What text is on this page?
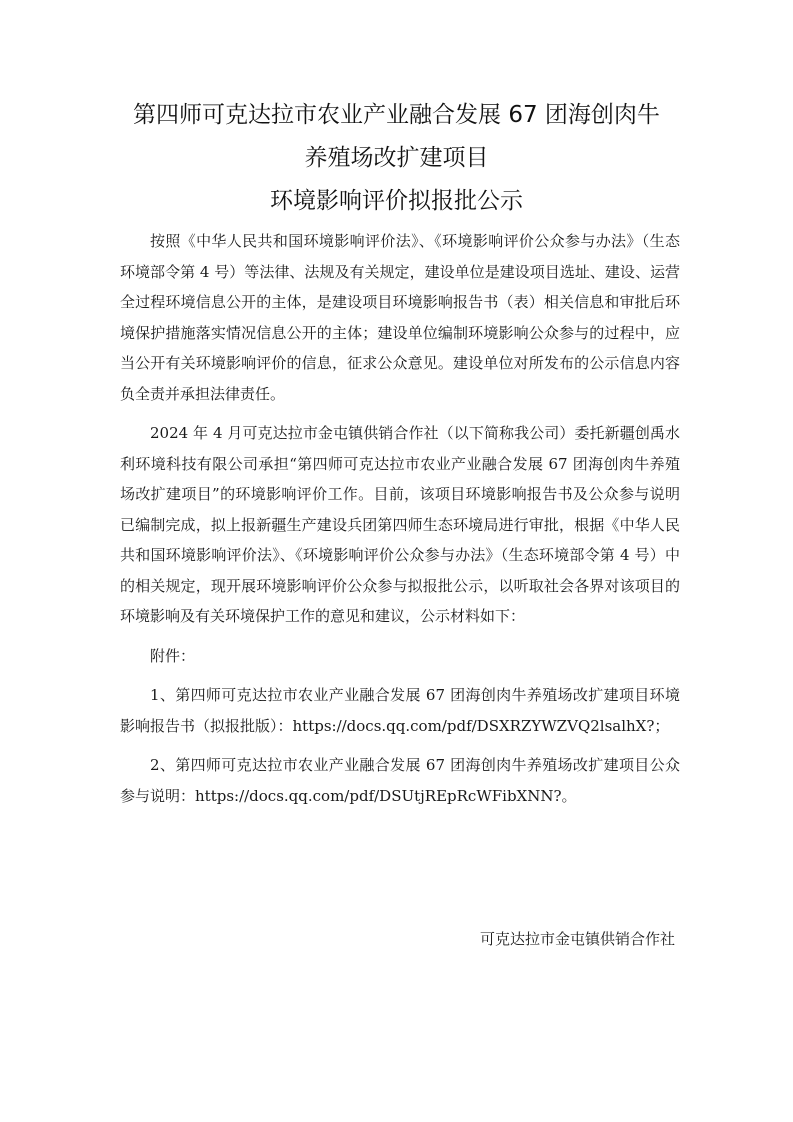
第四师可克达拉市农业产业融合发展 67 团海创肉牛
养殖场改扩建项目
环境影响评价拟报批公示

按照《中华人民共和国环境影响评价法》、《环境影响评价公众参与办法》（生态环境部令第 4 号）等法律、法规及有关规定，建设单位是建设项目选址、建设、运营全过程环境信息公开的主体，是建设项目环境影响报告书（表）相关信息和审批后环境保护措施落实情况信息公开的主体；建设单位编制环境影响公众参与的过程中，应当公开有关环境影响评价的信息，征求公众意见。建设单位对所发布的公示信息内容负全责并承担法律责任。

2024 年 4 月可克达拉市金屯镇供销合作社（以下简称我公司）委托新疆创禹水利环境科技有限公司承担“第四师可克达拉市农业产业融合发展 67 团海创肉牛养殖场改扩建项目”的环境影响评价工作。目前，该项目环境影响报告书及公众参与说明已编制完成，拟上报新疆生产建设兵团第四师生态环境局进行审批，根据《中华人民共和国环境影响评价法》、《环境影响评价公众参与办法》（生态环境部令第 4 号）中的相关规定，现开展环境影响评价公众参与拟报批公示，以听取社会各界对该项目的环境影响及有关环境保护工作的意见和建议，公示材料如下：

附件：

1、第四师可克达拉市农业产业融合发展 67 团海创肉牛养殖场改扩建项目环境影响报告书（拟报批版）：https://docs.qq.com/pdf/DSXRZYWZVQ2lsalhX?；

2、第四师可克达拉市农业产业融合发展 67 团海创肉牛养殖场改扩建项目公众参与说明：https://docs.qq.com/pdf/DSUtjREpRcWFibXNN?。

可克达拉市金屯镇供销合作社
